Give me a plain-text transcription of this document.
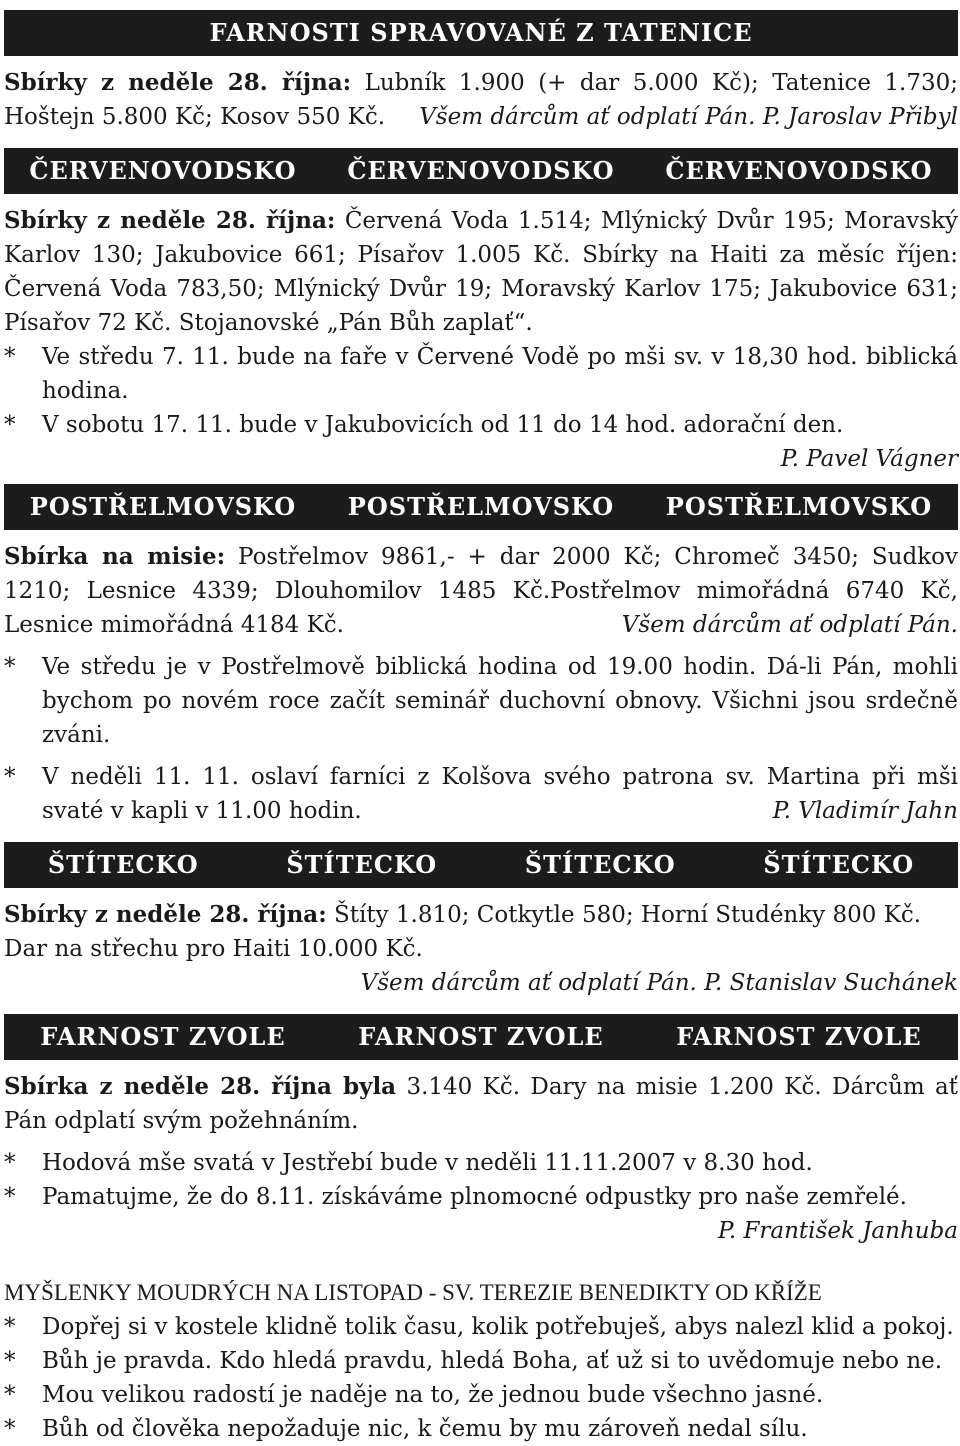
FARNOSTI SPRAVOVANÉ Z TATENICE

Sbírky z neděle 28. října: Lubník 1.900 (+ dar 5.000 Kč); Tatenice 1.730; Hoštejn 5.800 Kč; Kosov 550 Kč.	Všem dárcům ať odplatí Pán. P. Jaroslav Přibyl

ČERVENOVODSKO ČERVENOVODSKO ČERVENOVODSKO

Sbírky z neděle 28. října: Červená Voda 1.514; Mlýnický Dvůr 195; Moravský Karlov 130; Jakubovice 661; Písařov 1.005 Kč. Sbírky na Haiti za měsíc říjen: Červená Voda 783,50; Mlýnický Dvůr 19; Moravský Karlov 175; Jakubovice 631; Písařov 72 Kč. Stojanovské „Pán Bůh zaplať“.

*	Ve středu 7. 11. bude na faře v Červené Vodě po mši sv. v 18,30 hod. biblická hodina.
*	V sobotu 17. 11. bude v Jakubovicích od 11 do 14 hod. adorační den.

P. Pavel Vágner

POSTŘELMOVSKO POSTŘELMOVSKO POSTŘELMOVSKO

Sbírka na misie: Postřelmov 9861,- + dar 2000 Kč; Chromeč 3450; Sudkov 1210; Lesnice 4339; Dlouhomilov 1485 Kč.Postřelmov mimořádná 6740 Kč, Lesnice mimořádná 4184 Kč.	Všem dárcům ať odplatí Pán.

*	Ve středu je v Postřelmově biblická hodina od 19.00 hodin. Dá-li Pán, mohli bychom po novém roce začít seminář duchovní obnovy. Všichni jsou srdečně zváni.
*	V neděli 11. 11. oslaví farníci z Kolšova svého patrona sv. Martina při mši svaté v kapli v 11.00 hodin.	P. Vladimír Jahn

ŠTÍTECKO	ŠTÍTECKO	ŠTÍTECKO	ŠTÍTECKO

Sbírky z neděle 28. října: Štíty 1.810; Cotkytle 580; Horní Studénky 800 Kč.

Dar na střechu pro Haiti 10.000 Kč.

Všem dárcům ať odplatí Pán. P. Stanislav Suchánek

FARNOST ZVOLE	FARNOST ZVOLE	FARNOST ZVOLE

Sbírka z neděle 28. října byla 3.140 Kč. Dary na misie 1.200 Kč. Dárcům ať Pán odplatí svým požehnáním.

*	Hodová mše svatá v Jestřebí bude v neděli 11.11.2007 v 8.30 hod.
*	Pamatujme, že do 8.11. získáváme plnomocné odpustky pro naše zemřelé.

P. František Janhuba

MYŠLENKY MOUDRÝCH NA LISTOPAD - SV. TEREZIE BENEDIKTY OD KŘÍŽE

*	Dopřej si v kostele klidně tolik času, kolik potřebuješ, abys nalezl klid a pokoj.
*	Bůh je pravda. Kdo hledá pravdu, hledá Boha, ať už si to uvědomuje nebo ne.
*	Mou velikou radostí je naděje na to, že jednou bude všechno jasné.
*	Bůh od člověka nepožaduje nic, k čemu by mu zároveň nedal sílu.
